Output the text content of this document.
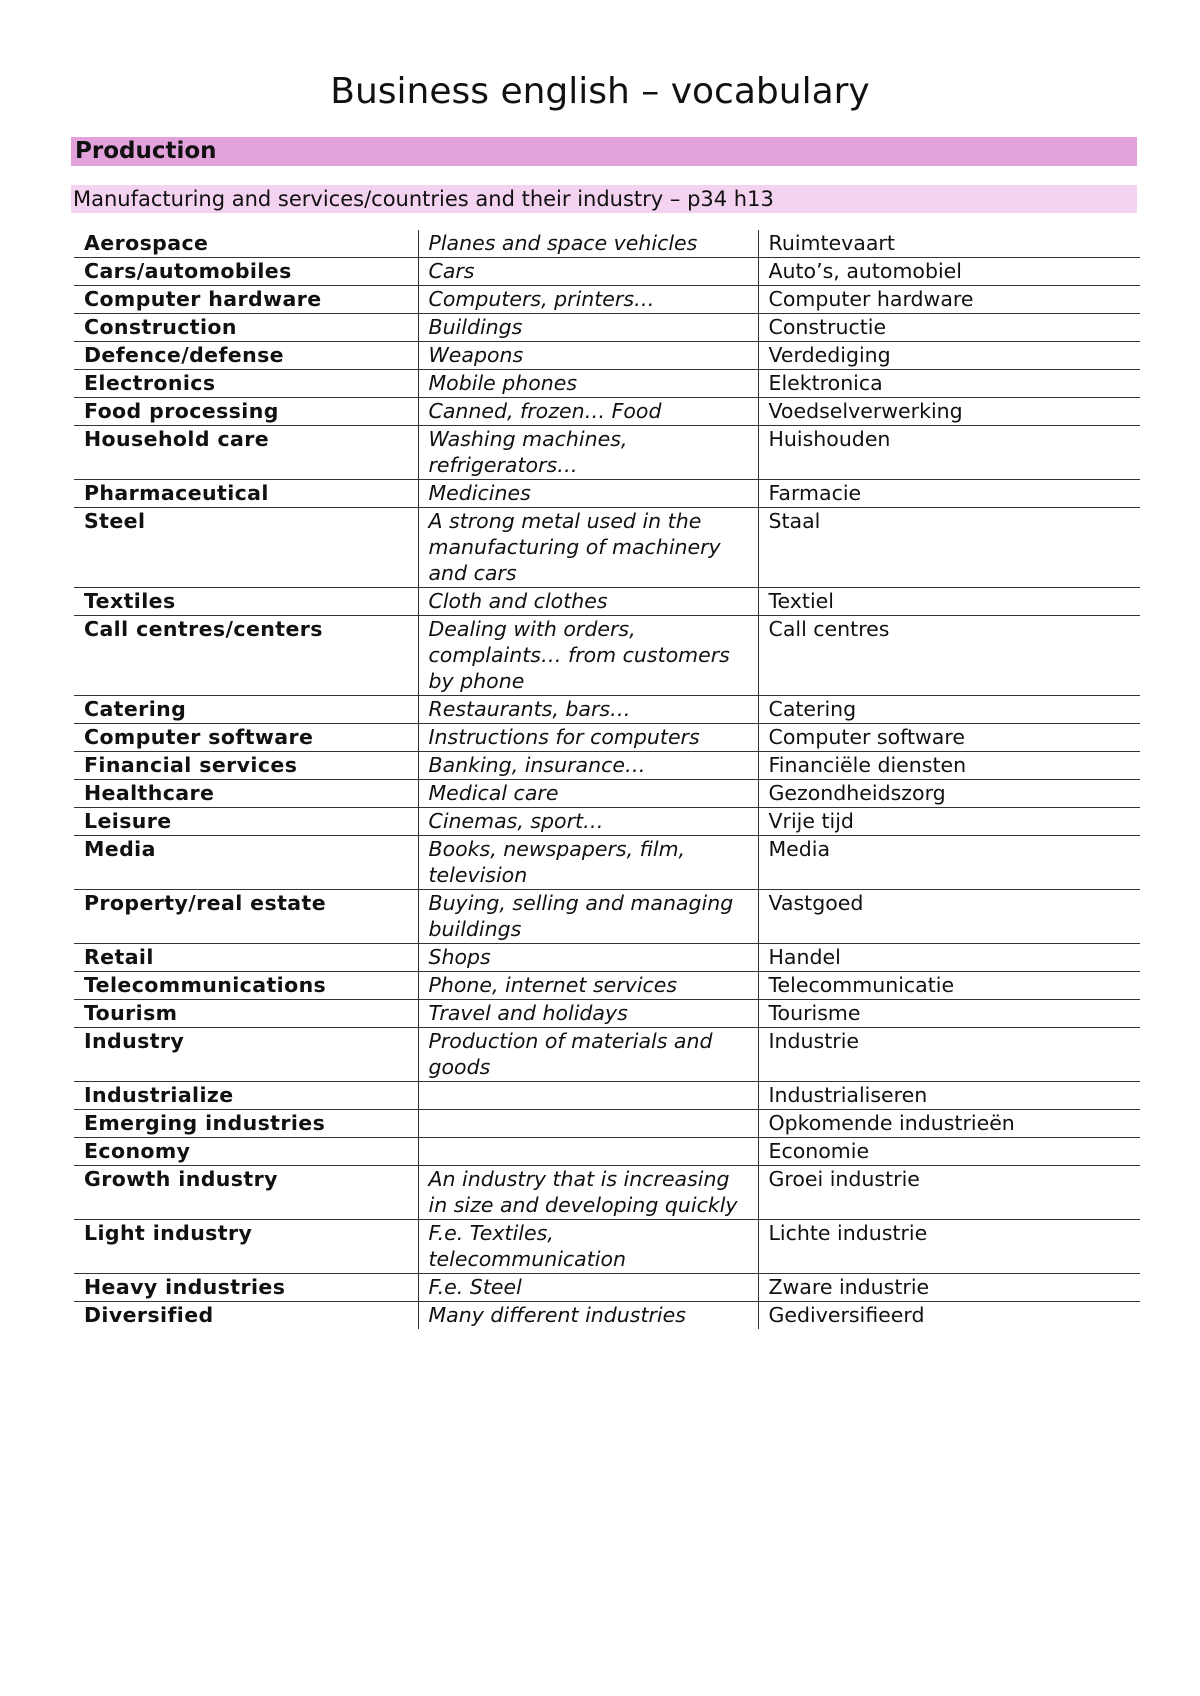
Business english – vocabulary
Production
Manufacturing and services/countries and their industry – p34 h13
Aerospace	Planes and space vehicles	Ruimtevaart
Cars/automobiles	Cars	Auto’s, automobiel
Computer hardware	Computers, printers…	Computer hardware
Construction	Buildings	Constructie
Defence/defense	Weapons	Verdediging
Electronics	Mobile phones	Elektronica
Food processing	Canned, frozen… Food	Voedselverwerking
Household care	Washing machines, refrigerators…	Huishouden
Pharmaceutical	Medicines	Farmacie
Steel	A strong metal used in the manufacturing of machinery and cars	Staal
Textiles	Cloth and clothes	Textiel
Call centres/centers	Dealing with orders, complaints… from customers by phone	Call centres
Catering	Restaurants, bars…	Catering
Computer software	Instructions for computers	Computer software
Financial services	Banking, insurance…	Financiële diensten
Healthcare	Medical care	Gezondheidszorg
Leisure	Cinemas, sport…	Vrije tijd
Media	Books, newspapers, film, television	Media
Property/real estate	Buying, selling and managing buildings	Vastgoed
Retail	Shops	Handel
Telecommunications	Phone, internet services	Telecommunicatie
Tourism	Travel and holidays	Tourisme
Industry	Production of materials and goods	Industrie
Industrialize		Industrialiseren
Emerging industries		Opkomende industrieën
Economy		Economie
Growth industry	An industry that is increasing in size and developing quickly	Groei industrie
Light industry	F.e. Textiles, telecommunication	Lichte industrie
Heavy industries	F.e. Steel	Zware industrie
Diversified	Many different industries	Gediversifieerd
